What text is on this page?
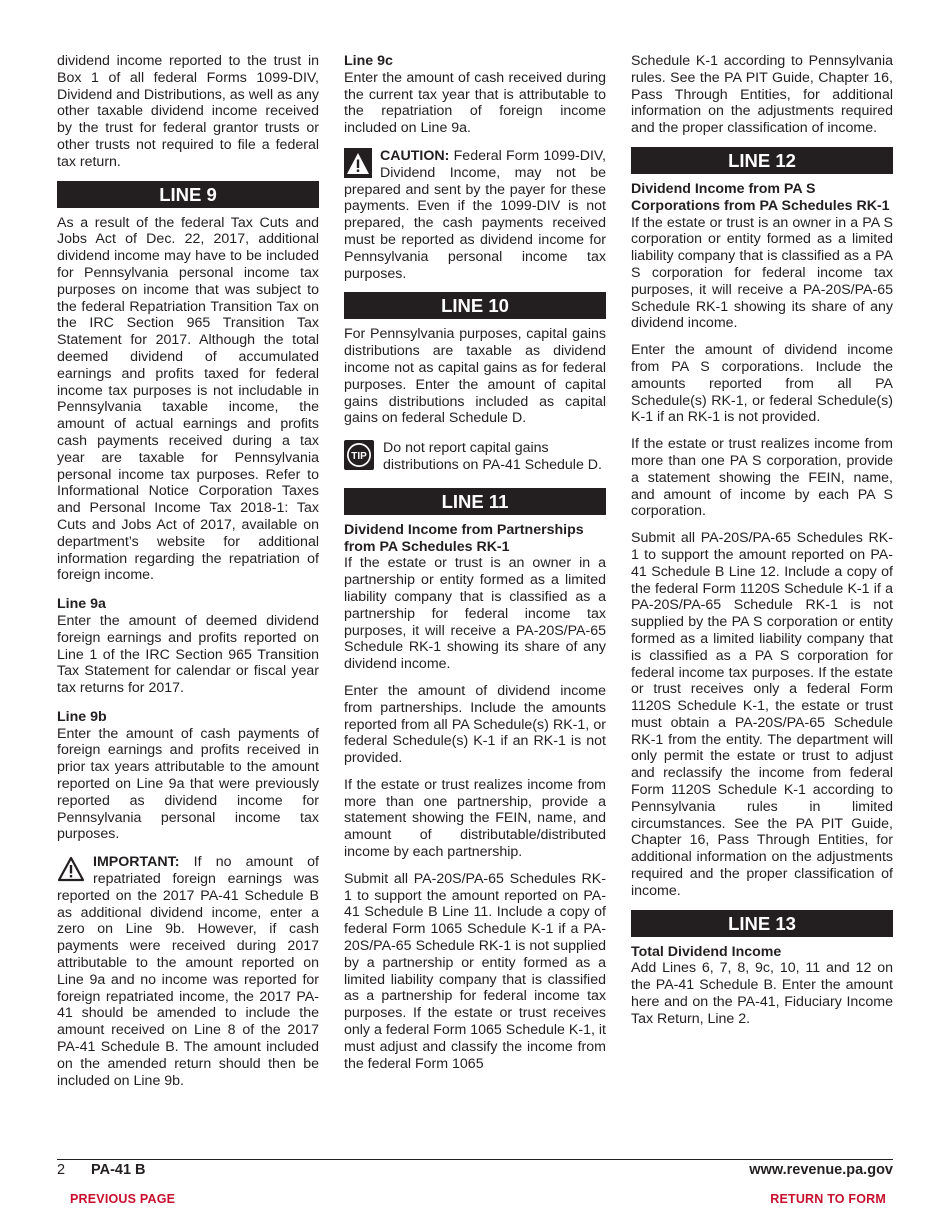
dividend income reported to the trust in Box 1 of all federal Forms 1099-DIV, Dividend and Distributions, as well as any other taxable dividend income received by the trust for federal grantor trusts or other trusts not required to file a federal tax return.

LINE 9

As a result of the federal Tax Cuts and Jobs Act of Dec. 22, 2017, additional dividend income may have to be included for Pennsylvania personal income tax purposes on income that was subject to the federal Repatriation Transition Tax on the IRC Section 965 Transition Tax Statement for 2017. Although the total deemed dividend of accumulated earnings and profits taxed for federal income tax purposes is not includable in Pennsylvania taxable income, the amount of actual earnings and profits cash payments received during a tax year are taxable for Pennsylvania personal income tax purposes. Refer to Informational Notice Corporation Taxes and Personal Income Tax 2018-1: Tax Cuts and Jobs Act of 2017, available on department’s website for additional information regarding the repatriation of foreign income.

Line 9a

Enter the amount of deemed dividend foreign earnings and profits reported on Line 1 of the IRC Section 965 Transition Tax Statement for calendar or fiscal year tax returns for 2017.

Line 9b

Enter the amount of cash payments of foreign earnings and profits received in prior tax years attributable to the amount reported on Line 9a that were previously reported as dividend income for Pennsylvania personal income tax purposes.

IMPORTANT: If no amount of repatriated foreign earnings was reported on the 2017 PA-41 Schedule B as additional dividend income, enter a zero on Line 9b. However, if cash payments were received during 2017 attributable to the amount reported on Line 9a and no income was reported for foreign repatriated income, the 2017 PA-41 should be amended to include the amount received on Line 8 of the 2017 PA-41 Schedule B. The amount included on the amended return should then be included on Line 9b.

Line 9c

Enter the amount of cash received during the current tax year that is attributable to the repatriation of foreign income included on Line 9a.

CAUTION: Federal Form 1099-DIV, Dividend Income, may not be prepared and sent by the payer for these payments. Even if the 1099-DIV is not prepared, the cash payments received must be reported as dividend income for Pennsylvania personal income tax purposes.

LINE 10

For Pennsylvania purposes, capital gains distributions are taxable as dividend income not as capital gains as for federal purposes. Enter the amount of capital gains distributions included as capital gains on federal Schedule D.

TIP

Do not report capital gains distributions on PA-41 Schedule D.

LINE 11
Dividend Income from Partnerships from PA Schedules RK-1

If the estate or trust is an owner in a partnership or entity formed as a limited liability company that is classified as a partnership for federal income tax purposes, it will receive a PA-20S/PA-65 Schedule RK-1 showing its share of any dividend income.

Enter the amount of dividend income from partnerships. Include the amounts reported from all PA Schedule(s) RK-1, or federal Schedule(s) K-1 if an RK-1 is not provided.

If the estate or trust realizes income from more than one partnership, provide a statement showing the FEIN, name, and amount of distributable/distributed income by each partnership.

Submit all PA-20S/PA-65 Schedules RK-1 to support the amount reported on PA-41 Schedule B Line 11. Include a copy of federal Form 1065 Schedule K-1 if a PA-20S/PA-65 Schedule RK-1 is not supplied by a partnership or entity formed as a limited liability company that is classified as a partnership for federal income tax purposes. If the estate or trust receives only a federal Form 1065 Schedule K-1, it must adjust and classify the income from the federal Form 1065

Schedule K-1 according to Pennsylvania rules. See the PA PIT Guide, Chapter 16, Pass Through Entities, for additional information on the adjustments required and the proper classification of income.

LINE 12
Dividend Income from PA S Corporations from PA Schedules RK-1

If the estate or trust is an owner in a PA S corporation or entity formed as a limited liability company that is classified as a PA S corporation for federal income tax purposes, it will receive a PA-20S/PA-65 Schedule RK-1 showing its share of any dividend income.

Enter the amount of dividend income from PA S corporations. Include the amounts reported from all PA Schedule(s) RK-1, or federal Schedule(s) K-1 if an RK-1 is not provided.

If the estate or trust realizes income from more than one PA S corporation, provide a statement showing the FEIN, name, and amount of income by each PA S corporation.

Submit all PA-20S/PA-65 Schedules RK-1 to support the amount reported on PA-41 Schedule B Line 12. Include a copy of the federal Form 1120S Schedule K-1 if a PA-20S/PA-65 Schedule RK-1 is not supplied by the PA S corporation or entity formed as a limited liability company that is classified as a PA S corporation for federal income tax purposes. If the estate or trust receives only a federal Form 1120S Schedule K-1, the estate or trust must obtain a PA-20S/PA-65 Schedule RK-1 from the entity. The department will only permit the estate or trust to adjust and reclassify the income from federal Form 1120S Schedule K-1 according to Pennsylvania rules in limited circumstances. See the PA PIT Guide, Chapter 16, Pass Through Entities, for additional information on the adjustments required and the proper classification of income.

LINE 13
Total Dividend Income

Add Lines 6, 7, 8, 9c, 10, 11 and 12 on the PA-41 Schedule B. Enter the amount here and on the PA-41, Fiduciary Income Tax Return, Line 2.

2 PA-41 B	www.revenue.pa.gov
PREVIOUS PAGE	RETURN TO FORM
